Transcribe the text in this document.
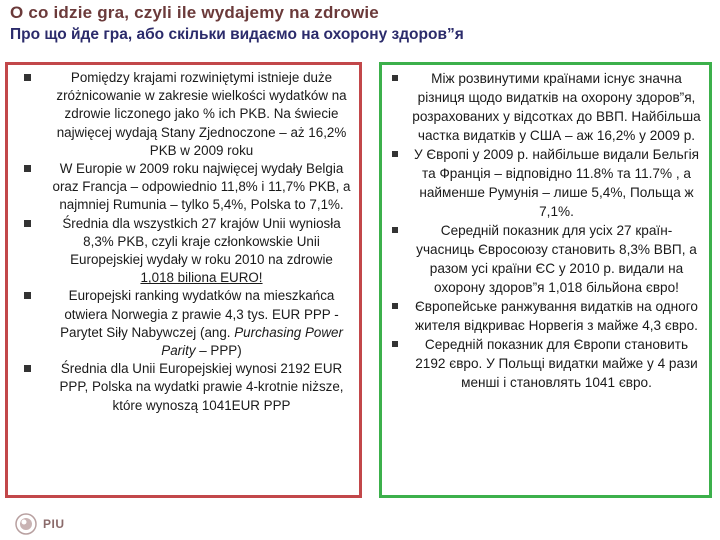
O co idzie gra, czyli ile wydajemy na zdrowie
Про що йде гра, або скільки видаємо на охорону здоров”я
Pomiędzy krajami rozwiniętymi istnieje duże zróżnicowanie w zakresie wielkości wydatków na zdrowie liczonego jako % ich PKB. Na świecie najwięcej wydają Stany Zjednoczone – aż 16,2% PKB w 2009 roku
W Europie w 2009 roku najwięcej wydały Belgia oraz Francja – odpowiednio 11,8% i 11,7% PKB, a najmniej Rumunia – tylko 5,4%, Polska to 7,1%.
Średnia dla wszystkich 27 krajów Unii wyniosła 8,3% PKB, czyli kraje członkowskie Unii Europejskiej wydały w roku 2010 na zdrowie 1,018 biliona EURO!
Europejski ranking wydatków na mieszkańca otwiera Norwegia z prawie 4,3 tys. EUR PPP - Parytet Siły Nabywczej (ang. Purchasing Power Parity – PPP)
Średnia dla Unii Europejskiej wynosi 2192 EUR PPP, Polska na wydatki prawie 4-krotnie niższe, które wynoszą 1041EUR PPP
Між розвинутими країнами існує значна різниця щодо видатків на охорону здоров”я, розрахованих у відсотках до ВВП. Найбільша частка видатків у США – аж 16,2% у 2009 р.
У Європі у 2009 р. найбільше видали Бельгія та Франція – відповідно 11.8% та 11.7% , а найменше Румунія – лише 5,4%, Польща ж 7,1%.
Середній показник для усіх 27 країн-учасниць Євросоюзу становить 8,3% ВВП, а разом усі країни ЄС у 2010 р. видали на охорону здоров”я 1,018 більйона євро!
Європейське ранжування видатків на одного жителя відкриває Норвегія з майже 4,3 євро.
Середній показник для Європи становить 2192 євро. У Польщі видатки майже у 4 рази менші і становлять 1041 євро.
PIU
